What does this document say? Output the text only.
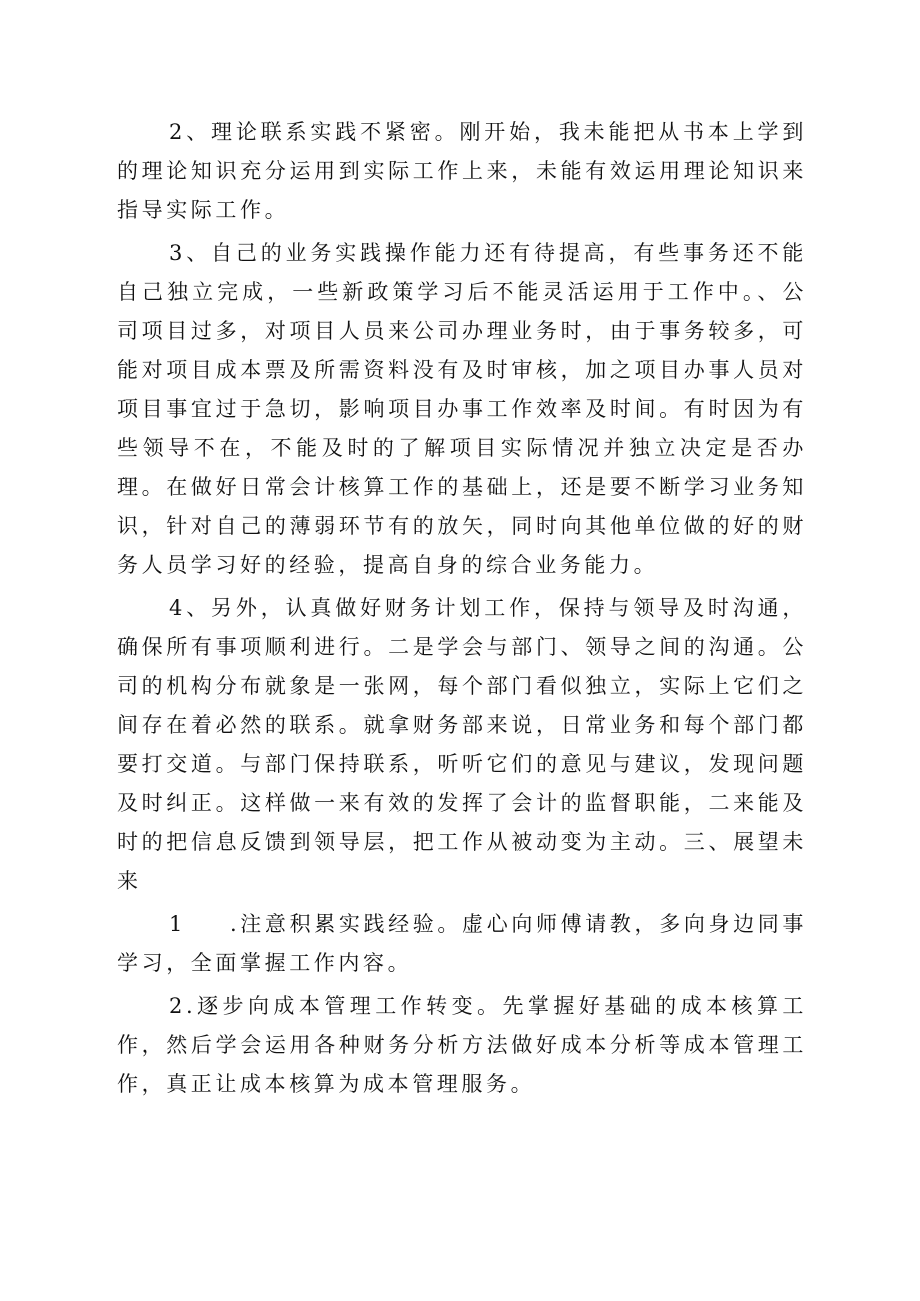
2、理论联系实践不紧密。刚开始，我未能把从书本上学到的理论知识充分运用到实际工作上来，未能有效运用理论知识来指导实际工作。

3、自己的业务实践操作能力还有待提高，有些事务还不能自己独立完成，一些新政策学习后不能灵活运用于工作中。、公司项目过多，对项目人员来公司办理业务时，由于事务较多，可能对项目成本票及所需资料没有及时审核，加之项目办事人员对项目事宜过于急切，影响项目办事工作效率及时间。有时因为有些领导不在，不能及时的了解项目实际情况并独立决定是否办理。在做好日常会计核算工作的基础上，还是要不断学习业务知识，针对自己的薄弱环节有的放矢，同时向其他单位做的好的财务人员学习好的经验，提高自身的综合业务能力。

4、另外，认真做好财务计划工作，保持与领导及时沟通，确保所有事项顺利进行。二是学会与部门、领导之间的沟通。公司的机构分布就象是一张网，每个部门看似独立，实际上它们之间存在着必然的联系。就拿财务部来说，日常业务和每个部门都要打交道。与部门保持联系，听听它们的意见与建议，发现问题及时纠正。这样做一来有效的发挥了会计的监督职能，二来能及时的把信息反馈到领导层，把工作从被动变为主动。三、展望未来

1 .注意积累实践经验。虚心向师傅请教，多向身边同事学习，全面掌握工作内容。

2.逐步向成本管理工作转变。先掌握好基础的成本核算工作，然后学会运用各种财务分析方法做好成本分析等成本管理工作，真正让成本核算为成本管理服务。
